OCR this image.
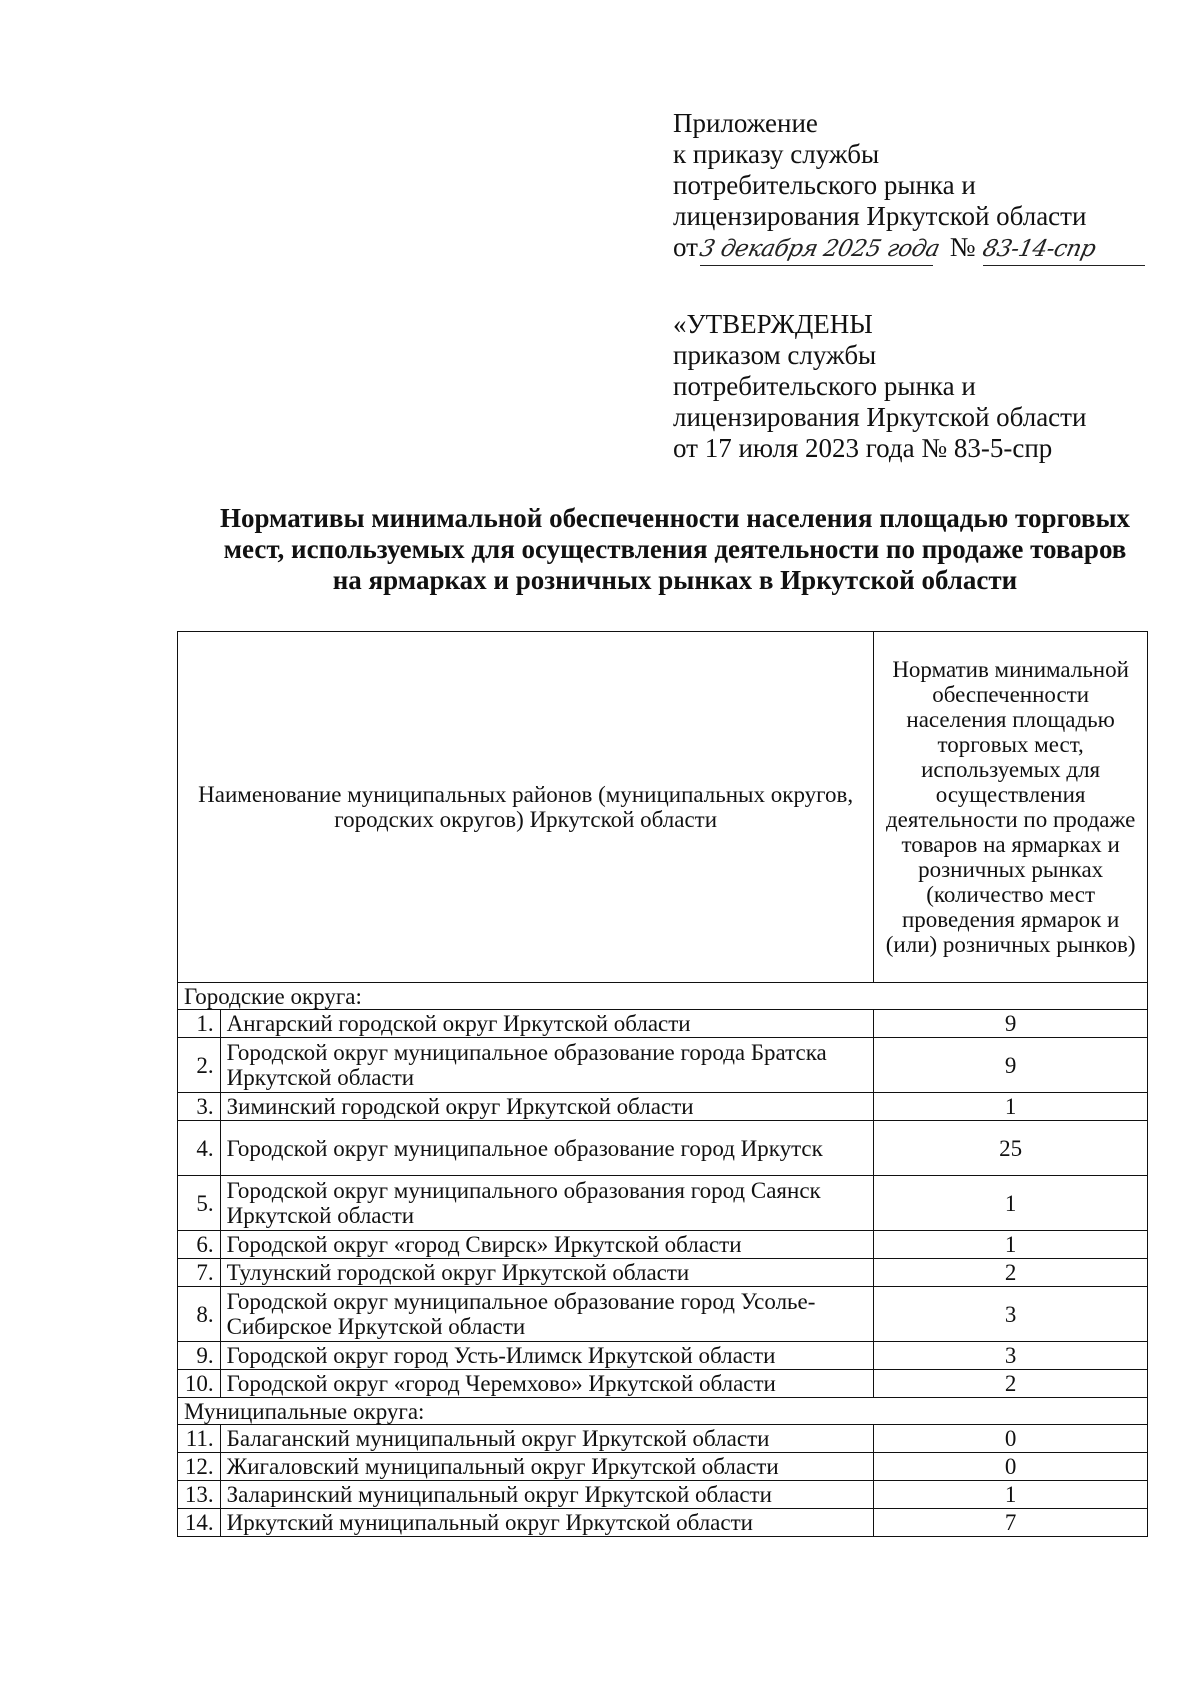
Приложение
к приказу службы
потребительского рынка и
лицензирования Иркутской области
от3 декабря 2025 года № 83-14-спр
«УТВЕРЖДЕНЫ
приказом службы
потребительского рынка и
лицензирования Иркутской области
от 17 июля 2023 года № 83-5-спр
Нормативы минимальной обеспеченности населения площадью торговых
мест, используемых для осуществления деятельности по продаже товаров
на ярмарках и розничных рынках в Иркутской области
Наименование муниципальных районов (муниципальных округов, городских округов) Иркутской области		Норматив минимальной обеспеченности населения площадью торговых мест, используемых для осуществления деятельности по продаже товаров на ярмарках и розничных рынках (количество мест проведения ярмарок и (или) розничных рынков)
Городские округа:		
1.	Ангарский городской округ Иркутской области	9
2.	Городской округ муниципальное образование города Братска Иркутской области	9
3.	Зиминский городской округ Иркутской области	1
4.	Городской округ муниципальное образование город Иркутск	25
5.	Городской округ муниципального образования город Саянск Иркутской области	1
6.	Городской округ «город Свирск» Иркутской области	1
7.	Тулунский городской округ Иркутской области	2
8.	Городской округ муниципальное образование город Усолье-Сибирское Иркутской области	3
9.	Городской округ город Усть-Илимск Иркутской области	3
10.	Городской округ «город Черемхово» Иркутской области	2
Муниципальные округа:		
11.	Балаганский муниципальный округ Иркутской области	0
12.	Жигаловский муниципальный округ Иркутской области	0
13.	Заларинский муниципальный округ Иркутской области	1
14.	Иркутский муниципальный округ Иркутской области	7
